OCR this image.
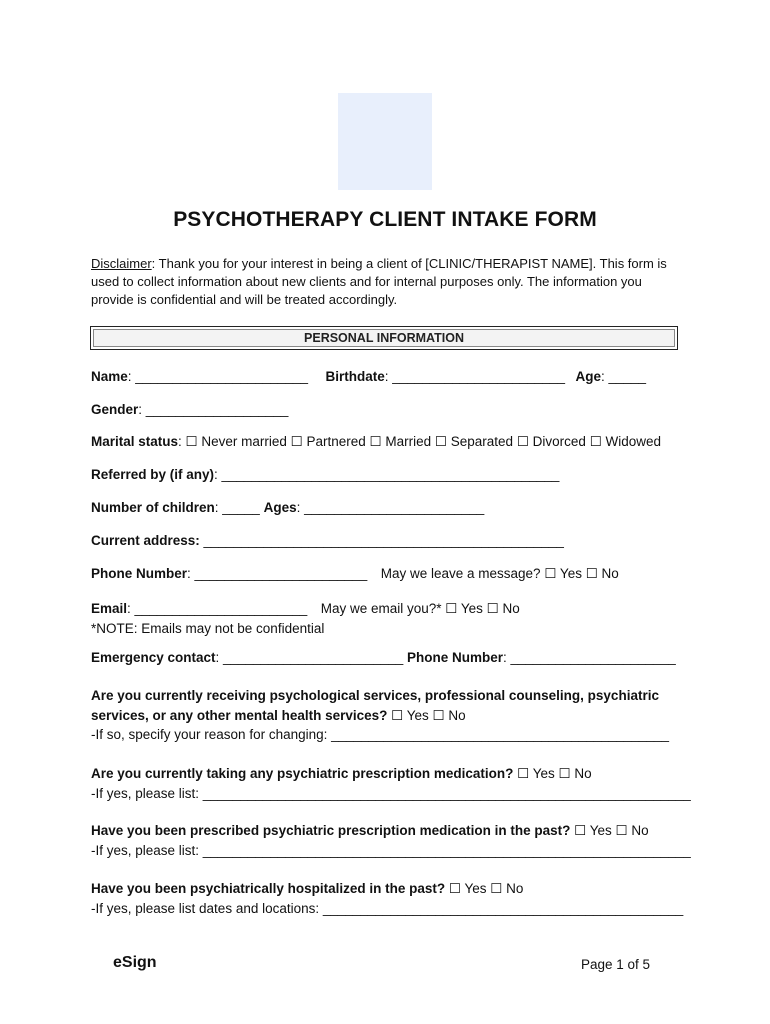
PSYCHOTHERAPY CLIENT INTAKE FORM
Disclaimer: Thank you for your interest in being a client of [CLINIC/THERAPIST NAME]. This form is used to collect information about new clients and for internal purposes only. The information you provide is confidential and will be treated accordingly.
PERSONAL INFORMATION
Name: _______________________ Birthdate: _______________________ Age: _____
Gender: ___________________
Marital status: ☐ Never married ☐ Partnered ☐ Married ☐ Separated ☐ Divorced ☐ Widowed
Referred by (if any): _____________________________________________
Number of children: _____ Ages: ________________________
Current address: ________________________________________________
Phone Number: _______________________ May we leave a message? ☐ Yes ☐ No
Email: _______________________ May we email you?* ☐ Yes ☐ No
*NOTE: Emails may not be confidential
Emergency contact: ________________________ Phone Number: ______________________
Are you currently receiving psychological services, professional counseling, psychiatric
services, or any other mental health services? ☐ Yes ☐ No
-If so, specify your reason for changing: _____________________________________________
Are you currently taking any psychiatric prescription medication? ☐ Yes ☐ No
-If yes, please list: _________________________________________________________________
Have you been prescribed psychiatric prescription medication in the past? ☐ Yes ☐ No
-If yes, please list: _________________________________________________________________
Have you been psychiatrically hospitalized in the past? ☐ Yes ☐ No
-If yes, please list dates and locations: ________________________________________________
eSign	Page 1 of 5
